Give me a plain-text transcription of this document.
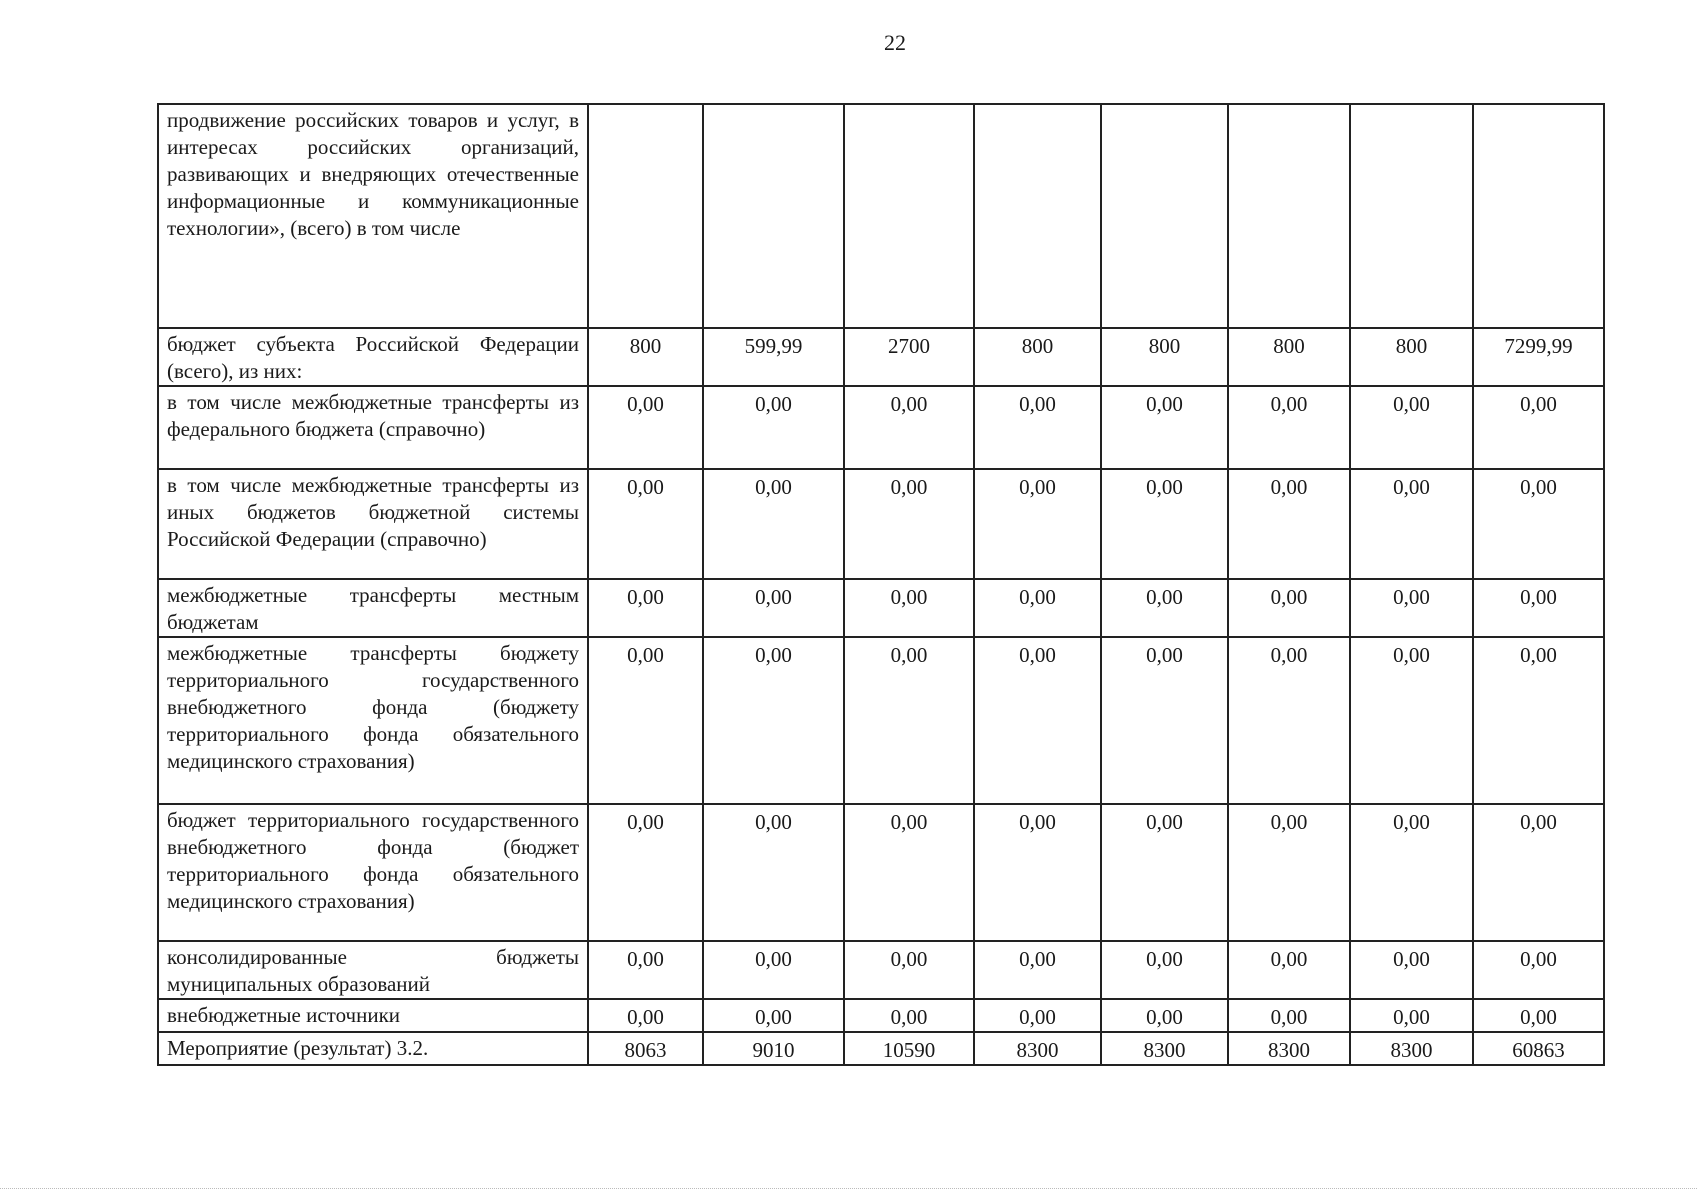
22
продвижение российских товаров и услуг, в интересах российских организаций, развивающих и внедряющих отечественные информационные и коммуникационные технологии», (всего) в том числе								
бюджет субъекта Российской Федерации (всего), из них:	800	599,99	2700	800	800	800	800	7299,99
в том числе межбюджетные трансферты из федерального бюджета (справочно)	0,00	0,00	0,00	0,00	0,00	0,00	0,00	0,00
в том числе межбюджетные трансферты из иных бюджетов бюджетной системы Российской Федерации (справочно)	0,00	0,00	0,00	0,00	0,00	0,00	0,00	0,00
межбюджетные трансферты местным бюджетам	0,00	0,00	0,00	0,00	0,00	0,00	0,00	0,00
межбюджетные трансферты бюджету территориального государственного внебюджетного фонда (бюджету территориального фонда обязательного медицинского страхования)	0,00	0,00	0,00	0,00	0,00	0,00	0,00	0,00
бюджет территориального государственного внебюджетного фонда (бюджет территориального фонда обязательного медицинского страхования)	0,00	0,00	0,00	0,00	0,00	0,00	0,00	0,00
консолидированные бюджеты муниципальных образований	0,00	0,00	0,00	0,00	0,00	0,00	0,00	0,00
внебюджетные источники	0,00	0,00	0,00	0,00	0,00	0,00	0,00	0,00
Мероприятие (результат) 3.2.	8063	9010	10590	8300	8300	8300	8300	60863
